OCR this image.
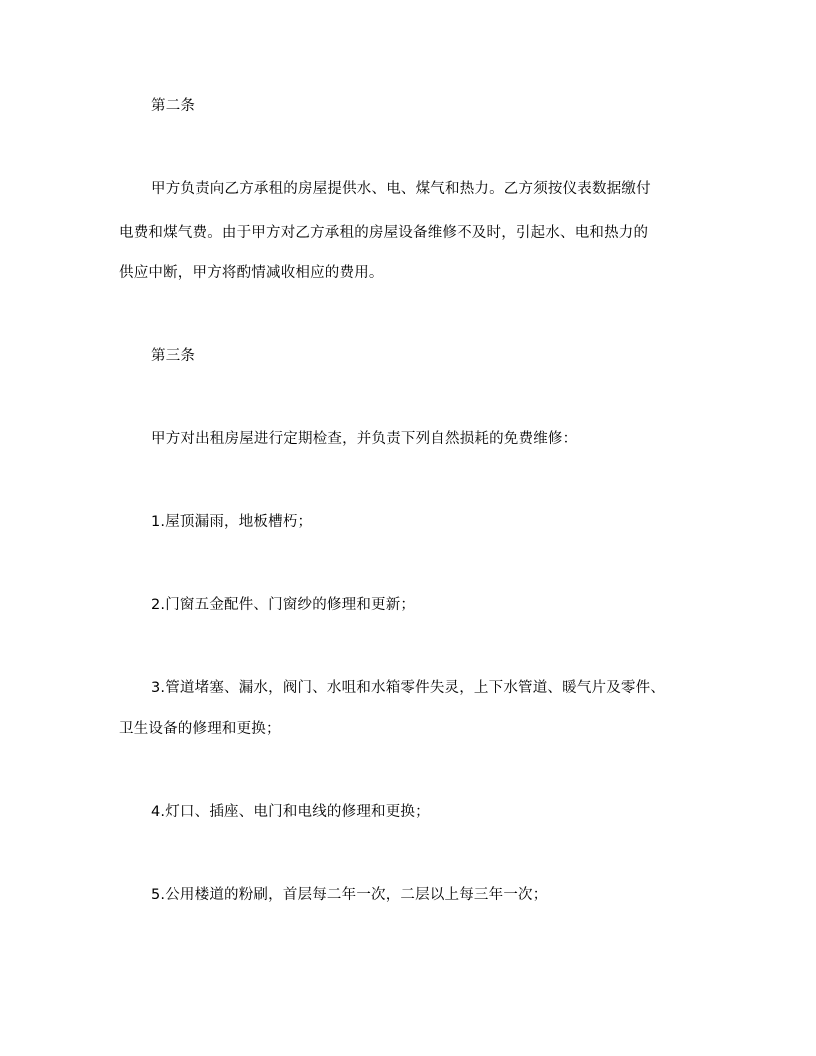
第二条
甲方负责向乙方承租的房屋提供水、电、煤气和热力。乙方须按仪表数据缴付
电费和煤气费。由于甲方对乙方承租的房屋设备维修不及时，引起水、电和热力的
供应中断，甲方将酌情减收相应的费用。
第三条
甲方对出租房屋进行定期检查，并负责下列自然损耗的免费维修：
1.屋顶漏雨，地板槽朽；
2.门窗五金配件、门窗纱的修理和更新；
3.管道堵塞、漏水，阀门、水咀和水箱零件失灵，上下水管道、暖气片及零件、
卫生设备的修理和更换；
4.灯口、插座、电门和电线的修理和更换；
5.公用楼道的粉刷，首层每二年一次，二层以上每三年一次；
